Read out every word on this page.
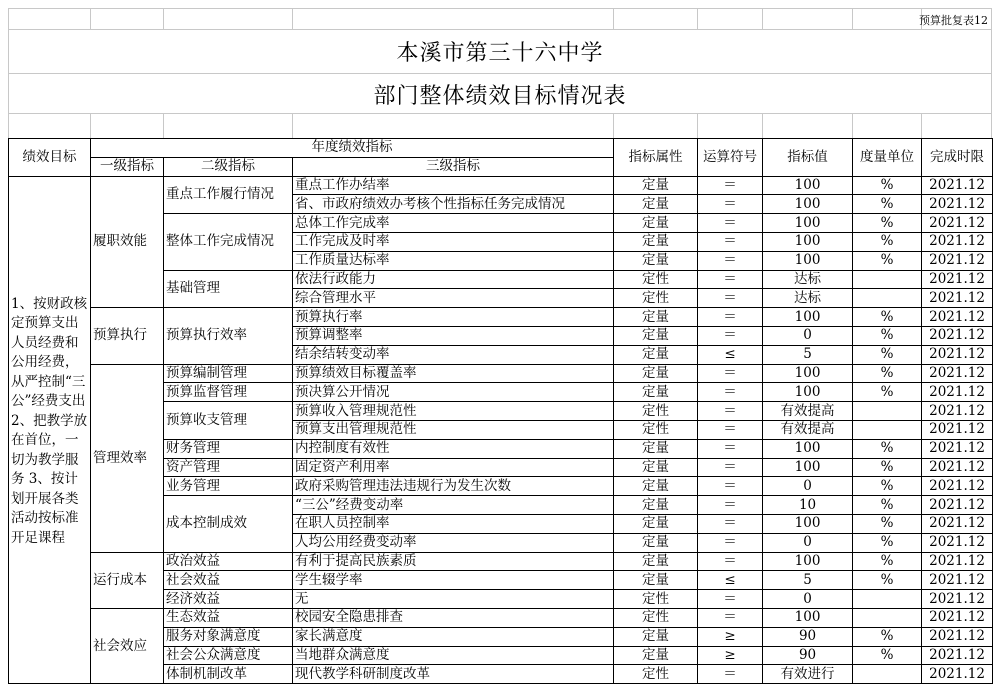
预算批复表12
本溪市第三十六中学
部门整体绩效目标情况表
绩效目标	年度绩效指标			指标属性	运算符号	指标值	度量单位	完成时限
	一级指标	二级指标	三级指标					
1、按财政核定预算支出人员经费和公用经费，从严控制“三公”经费支出 2、把教学放在首位，一切为教学服务 3、按计划开展各类活动按标准开足课程	履职效能	重点工作履行情况	重点工作办结率	定量	＝	100	%	2021.12
			省、市政府绩效办考核个性指标任务完成情况	定量	＝	100	%	2021.12
		整体工作完成情况	总体工作完成率	定量	＝	100	%	2021.12
			工作完成及时率	定量	＝	100	%	2021.12
			工作质量达标率	定量	＝	100	%	2021.12
		基础管理	依法行政能力	定性	＝	达标		2021.12
			综合管理水平	定性	＝	达标		2021.12
	预算执行	预算执行效率	预算执行率	定量	＝	100	%	2021.12
			预算调整率	定量	＝	0	%	2021.12
			结余结转变动率	定量	≤	5	%	2021.12
	管理效率	预算编制管理	预算绩效目标覆盖率	定量	＝	100	%	2021.12
		预算监督管理	预决算公开情况	定量	＝	100	%	2021.12
		预算收支管理	预算收入管理规范性	定性	＝	有效提高		2021.12
			预算支出管理规范性	定性	＝	有效提高		2021.12
		财务管理	内控制度有效性	定量	＝	100	%	2021.12
		资产管理	固定资产利用率	定量	＝	100	%	2021.12
		业务管理	政府采购管理违法违规行为发生次数	定量	＝	0	%	2021.12
		成本控制成效	“三公”经费变动率	定量	＝	10	%	2021.12
			在职人员控制率	定量	＝	100	%	2021.12
			人均公用经费变动率	定量	＝	0	%	2021.12
	运行成本	政治效益	有利于提高民族素质	定量	＝	100	%	2021.12
		社会效益	学生辍学率	定量	≤	5	%	2021.12
		经济效益	无	定性	＝	0		2021.12
	社会效应	生态效益	校园安全隐患排查	定性	＝	100		2021.12
		服务对象满意度	家长满意度	定量	≥	90	%	2021.12
		社会公众满意度	当地群众满意度	定量	≥	90	%	2021.12
		体制机制改革	现代教学科研制度改革	定性	＝	有效进行		2021.12
